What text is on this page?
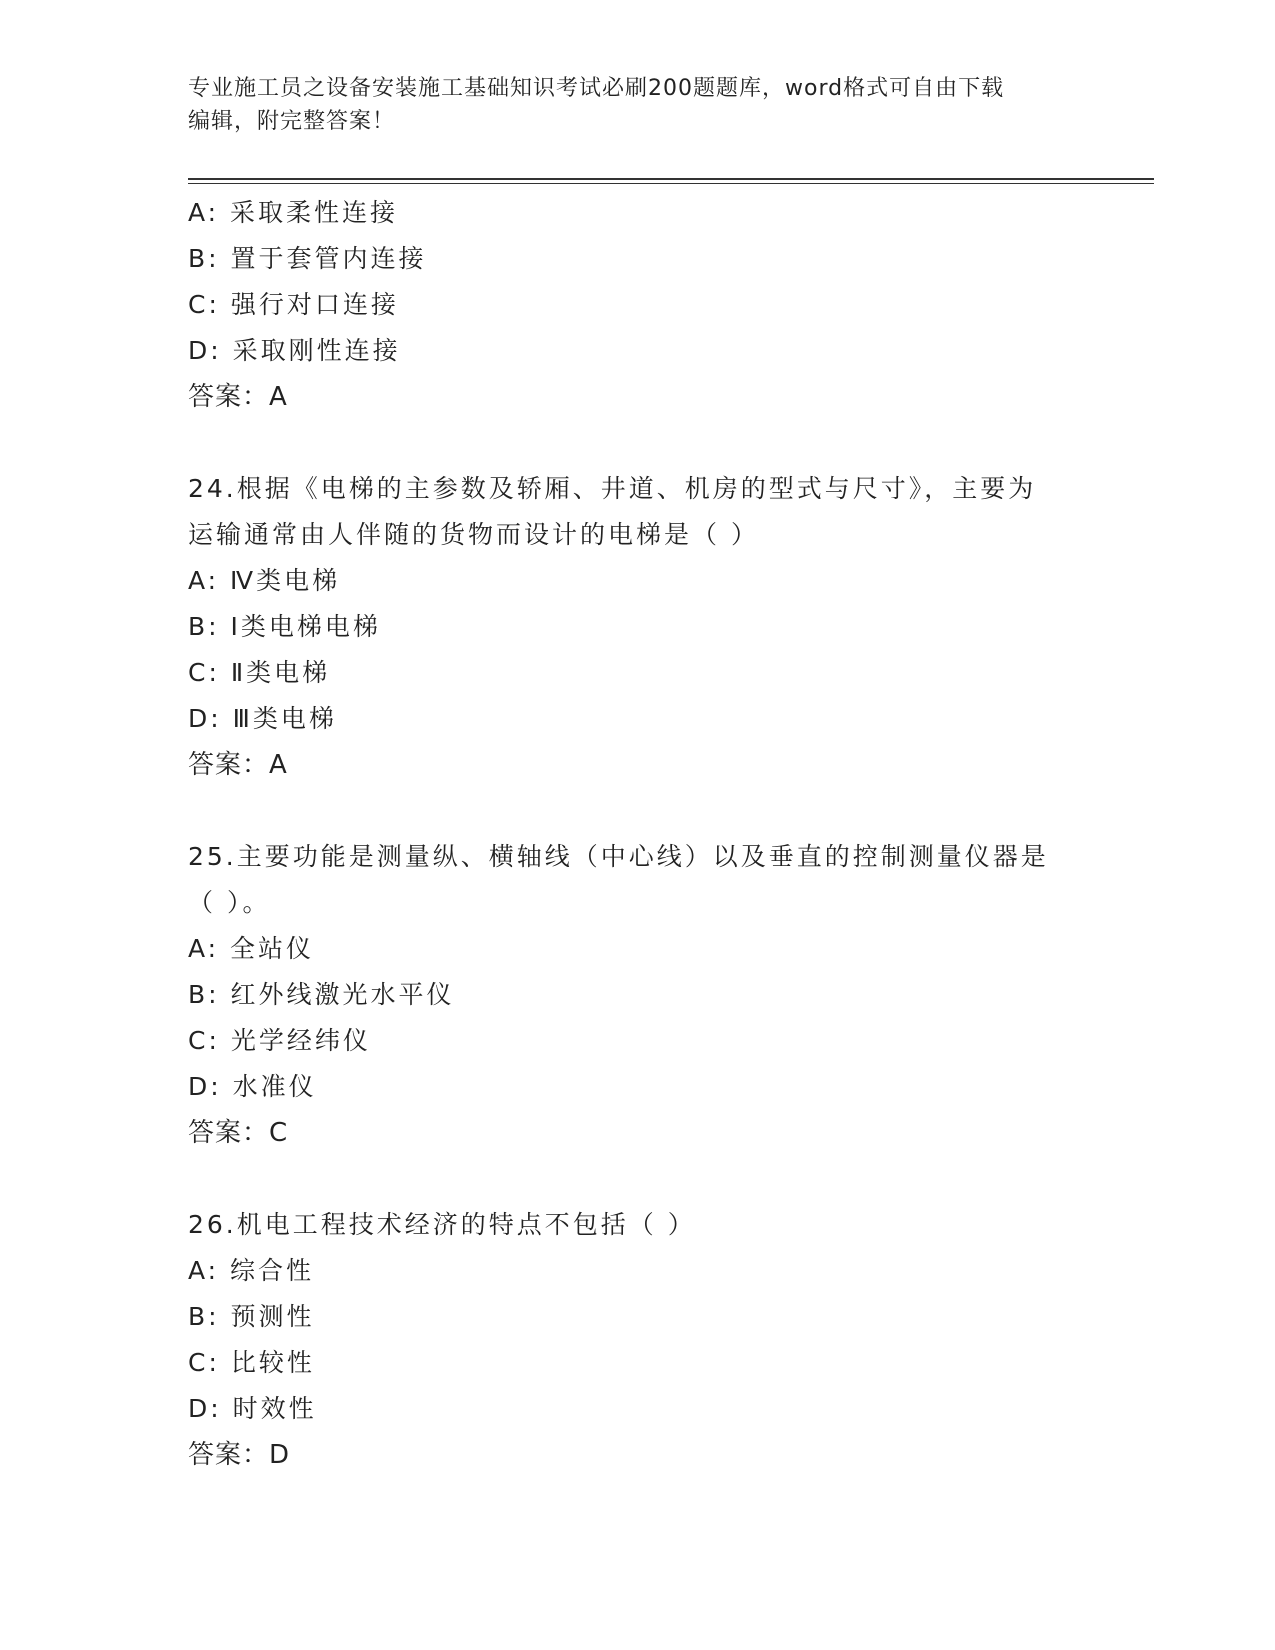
专业施工员之设备安装施工基础知识考试必刷200题题库，word格式可自由下载
编辑，附完整答案！
A: 采取柔性连接
B: 置于套管内连接
C: 强行对口连接
D: 采取刚性连接
答案：A
24.根据《电梯的主参数及轿厢、井道、机房的型式与尺寸》，主要为
运输通常由人伴随的货物而设计的电梯是（ ）
A: Ⅳ类电梯
B: Ⅰ类电梯电梯
C: Ⅱ类电梯
D: Ⅲ类电梯
答案：A
25.主要功能是测量纵、横轴线（中心线）以及垂直的控制测量仪器是
（ ）。
A: 全站仪
B: 红外线激光水平仪
C: 光学经纬仪
D: 水准仪
答案：C
26.机电工程技术经济的特点不包括（ ）
A: 综合性
B: 预测性
C: 比较性
D: 时效性
答案：D
